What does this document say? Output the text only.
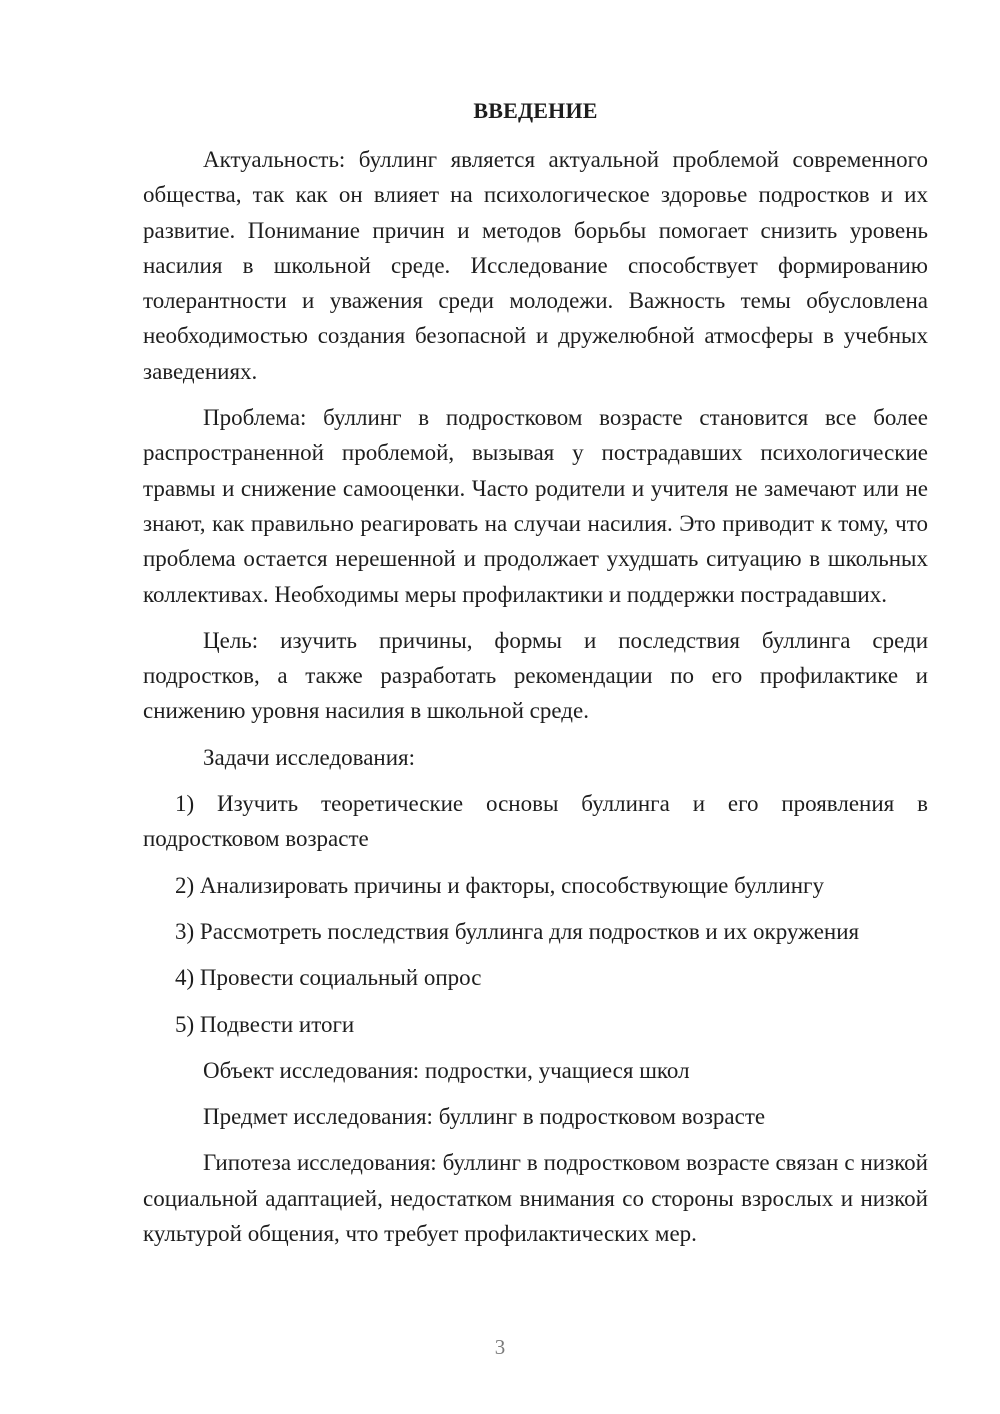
ВВЕДЕНИЕ

Актуальность: буллинг является актуальной проблемой современного общества, так как он влияет на психологическое здоровье подростков и их развитие. Понимание причин и методов борьбы помогает снизить уровень насилия в школьной среде. Исследование способствует формированию толерантности и уважения среди молодежи. Важность темы обусловлена необходимостью создания безопасной и дружелюбной атмосферы в учебных заведениях.

Проблема: буллинг в подростковом возрасте становится все более распространенной проблемой, вызывая у пострадавших психологические травмы и снижение самооценки. Часто родители и учителя не замечают или не знают, как правильно реагировать на случаи насилия. Это приводит к тому, что проблема остается нерешенной и продолжает ухудшать ситуацию в школьных коллективах. Необходимы меры профилактики и поддержки пострадавших.

Цель: изучить причины, формы и последствия буллинга среди подростков, а также разработать рекомендации по его профилактике и снижению уровня насилия в школьной среде.

Задачи исследования:

1) Изучить теоретические основы буллинга и его проявления в подростковом возрасте

2) Анализировать причины и факторы, способствующие буллингу

3) Рассмотреть последствия буллинга для подростков и их окружения

4) Провести социальный опрос

5) Подвести итоги

Объект исследования: подростки, учащиеся школ

Предмет исследования: буллинг в подростковом возрасте

Гипотеза исследования: буллинг в подростковом возрасте связан с низкой социальной адаптацией, недостатком внимания со стороны взрослых и низкой культурой общения, что требует профилактических мер.

3
